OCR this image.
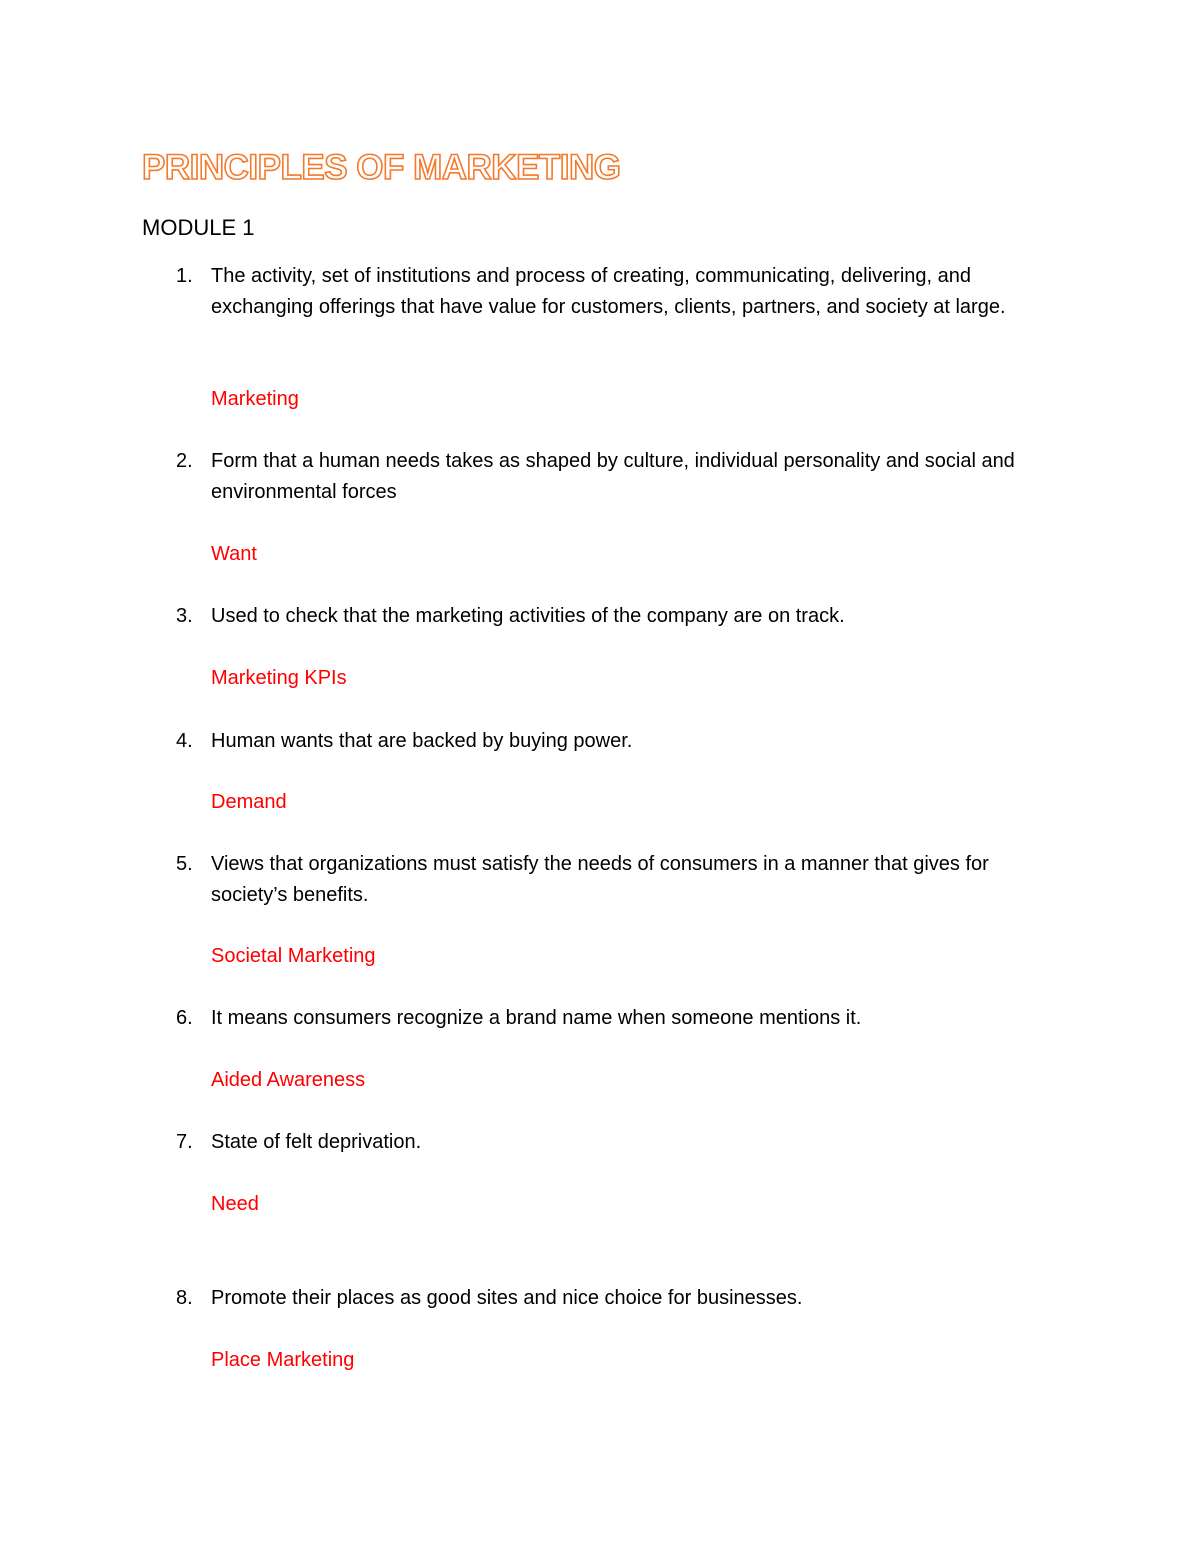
PRINCIPLES OF MARKETING

MODULE 1

1. The activity, set of institutions and process of creating, communicating, delivering, and exchanging offerings that have value for customers, clients, partners, and society at large.
Marketing
2. Form that a human needs takes as shaped by culture, individual personality and social and environmental forces
Want
3. Used to check that the marketing activities of the company are on track.
Marketing KPIs
4. Human wants that are backed by buying power.
Demand
5. Views that organizations must satisfy the needs of consumers in a manner that gives for society’s benefits.
Societal Marketing
6. It means consumers recognize a brand name when someone mentions it.
Aided Awareness
7. State of felt deprivation.
Need
8. Promote their places as good sites and nice choice for businesses.
Place Marketing
